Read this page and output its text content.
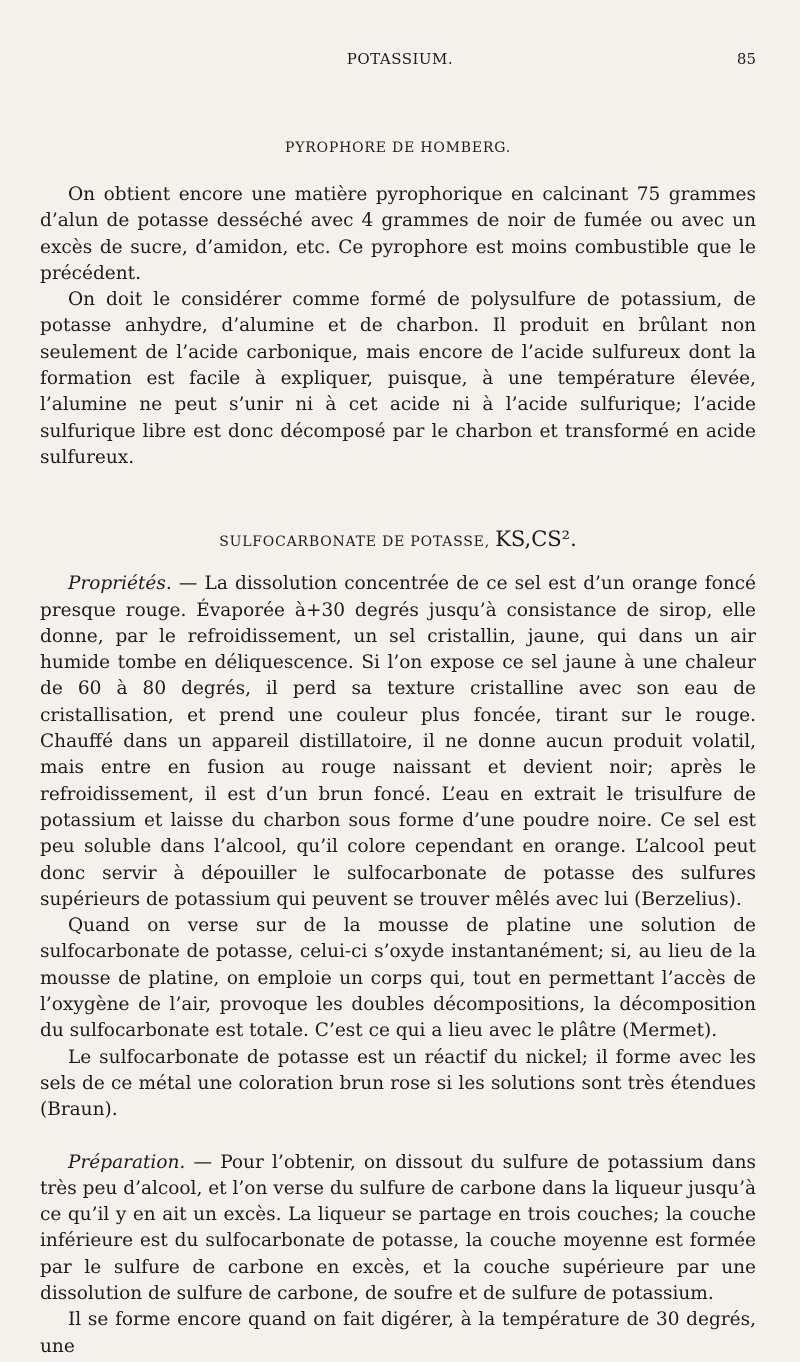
POTASSIUM.	85
PYROPHORE DE HOMBERG.

On obtient encore une matière pyrophorique en calcinant 75 grammes d’alun de potasse desséché avec 4 grammes de noir de fumée ou avec un excès de sucre, d’amidon, etc. Ce pyrophore est moins combustible que le précédent.

On doit le considérer comme formé de polysulfure de potassium, de potasse anhydre, d’alumine et de charbon. Il produit en brûlant non seulement de l’acide carbonique, mais encore de l’acide sulfureux dont la formation est facile à expliquer, puisque, à une température élevée, l’alumine ne peut s’unir ni à cet acide ni à l’acide sulfurique; l’acide sulfurique libre est donc décomposé par le charbon et transformé en acide sulfureux.

SULFOCARBONATE DE POTASSE, KS,CS².

Propriétés. — La dissolution concentrée de ce sel est d’un orange foncé presque rouge. Évaporée à+30 degrés jusqu’à consistance de sirop, elle donne, par le refroidissement, un sel cristallin, jaune, qui dans un air humide tombe en déliquescence. Si l’on expose ce sel jaune à une chaleur de 60 à 80 degrés, il perd sa texture cristalline avec son eau de cristallisation, et prend une couleur plus foncée, tirant sur le rouge. Chauffé dans un appareil distillatoire, il ne donne aucun produit volatil, mais entre en fusion au rouge naissant et devient noir; après le refroidissement, il est d’un brun foncé. L’eau en extrait le trisulfure de potassium et laisse du charbon sous forme d’une poudre noire. Ce sel est peu soluble dans l’alcool, qu’il colore cependant en orange. L’alcool peut donc servir à dépouiller le sulfocarbonate de potasse des sulfures supérieurs de potassium qui peuvent se trouver mêlés avec lui (Berzelius).

Quand on verse sur de la mousse de platine une solution de sulfocarbonate de potasse, celui-ci s’oxyde instantanément; si, au lieu de la mousse de platine, on emploie un corps qui, tout en permettant l’accès de l’oxygène de l’air, provoque les doubles décompositions, la décomposition du sulfocarbonate est totale. C’est ce qui a lieu avec le plâtre (Mermet).

Le sulfocarbonate de potasse est un réactif du nickel; il forme avec les sels de ce métal une coloration brun rose si les solutions sont très étendues (Braun).

Préparation. — Pour l’obtenir, on dissout du sulfure de potassium dans très peu d’alcool, et l’on verse du sulfure de carbone dans la liqueur jusqu’à ce qu’il y en ait un excès. La liqueur se partage en trois couches; la couche inférieure est du sulfocarbonate de potasse, la couche moyenne est formée par le sulfure de carbone en excès, et la couche supérieure par une dissolution de sulfure de carbone, de soufre et de sulfure de potassium.

Il se forme encore quand on fait digérer, à la température de 30 degrés, une
